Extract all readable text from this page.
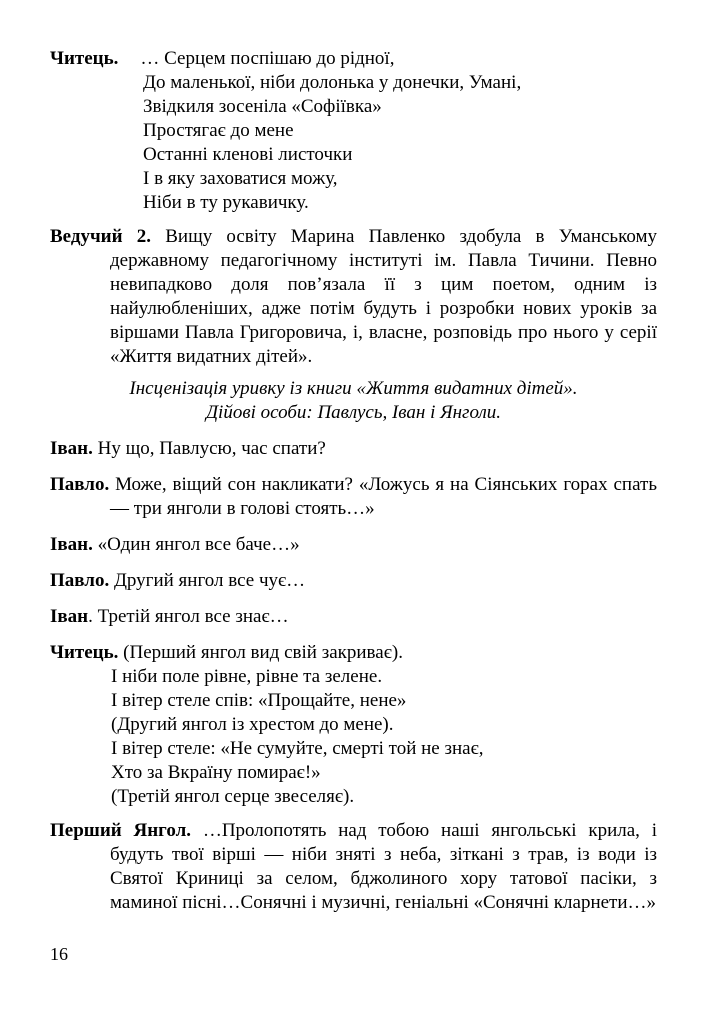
Читець. … Серцем поспішаю до рідної,
До маленької, ніби долонька у донечки, Умані,
Звідкиля зосеніла «Софіївка»
Простягає до мене
Останні кленові листочки
І в яку заховатися можу,
Ніби в ту рукавичку.
Ведучий 2. Вищу освіту Марина Павленко здобула в Уманському державному педагогічному інституті ім. Павла Тичини. Певно невипадково доля пов’язала її з цим поетом, одним із найулюбленіших, адже потім будуть і розробки нових уроків за віршами Павла Григоровича, і, власне, розповідь про нього у серії «Життя видатних дітей».
Інсценізація уривку із книги «Життя видатних дітей».
Дійові особи: Павлусь, Іван і Янголи.
Іван. Ну що, Павлусю, час спати?
Павло. Може, віщий сон накликати? «Ложусь я на Сіянських горах спать — три янголи в голові стоять…»
Іван. «Один янгол все баче…»
Павло. Другий янгол все чує…
Іван. Третій янгол все знає…
Читець. (Перший янгол вид свій закриває).
І ніби поле рівне, рівне та зелене.
І вітер стеле спів: «Прощайте, нене»
(Другий янгол із хрестом до мене).
І вітер стеле: «Не сумуйте, смерті той не знає,
Хто за Вкраїну помирає!»
(Третій янгол серце звеселяє).
Перший Янгол. …Пролопотять над тобою наші янгольські крила, і будуть твої вірші — ніби зняті з неба, зіткані з трав, із води із Святої Криниці за селом, бджолиного хору татової пасіки, з маминої пісні…Сонячні і музичні, геніальні «Сонячні кларнети…»
16
